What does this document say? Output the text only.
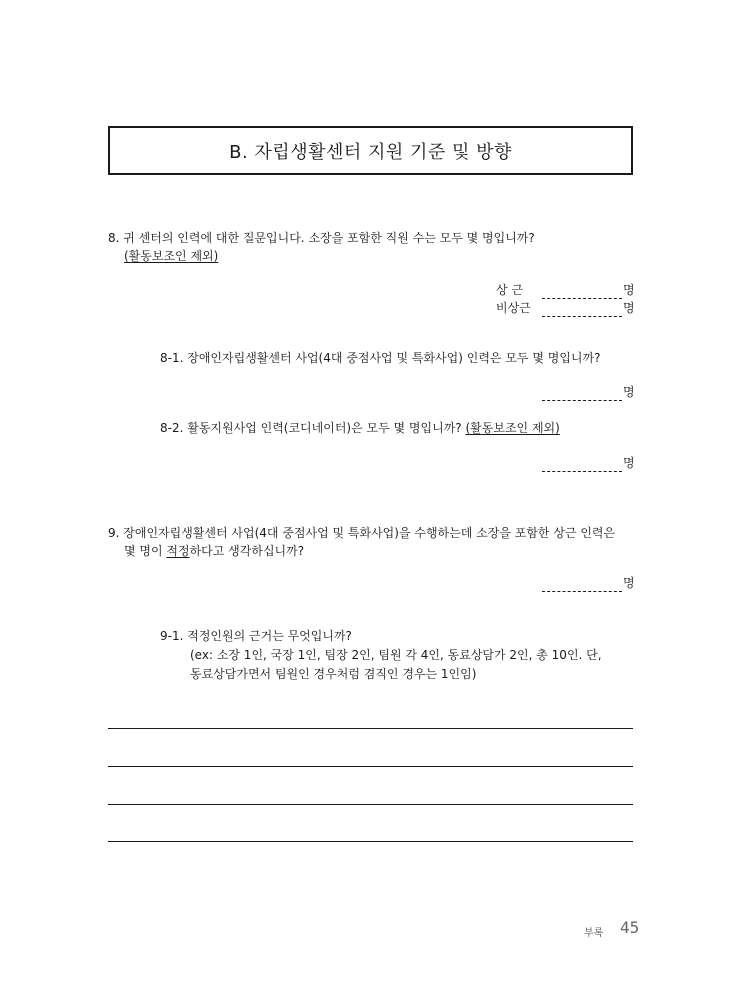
B. 자립생활센터 지원 기준 및 방향
8. 귀 센터의 인력에 대한 질문입니다. 소장을 포함한 직원 수는 모두 몇 명입니까?
(활동보조인 제외)
상 근	명
비상근	명
8-1. 장애인자립생활센터 사업(4대 중점사업 및 특화사업) 인력은 모두 몇 명입니까?
명
8-2. 활동지원사업 인력(코디네이터)은 모두 몇 명입니까? (활동보조인 제외)
명
9. 장애인자립생활센터 사업(4대 중점사업 및 특화사업)을 수행하는데 소장을 포함한 상근 인력은
몇 명이 적정하다고 생각하십니까?
명
9-1. 적정인원의 근거는 무엇입니까?
(ex: 소장 1인, 국장 1인, 팀장 2인, 팀원 각 4인, 동료상담가 2인, 총 10인. 단,
동료상담가면서 팀원인 경우처럼 겸직인 경우는 1인임)
부록 45
